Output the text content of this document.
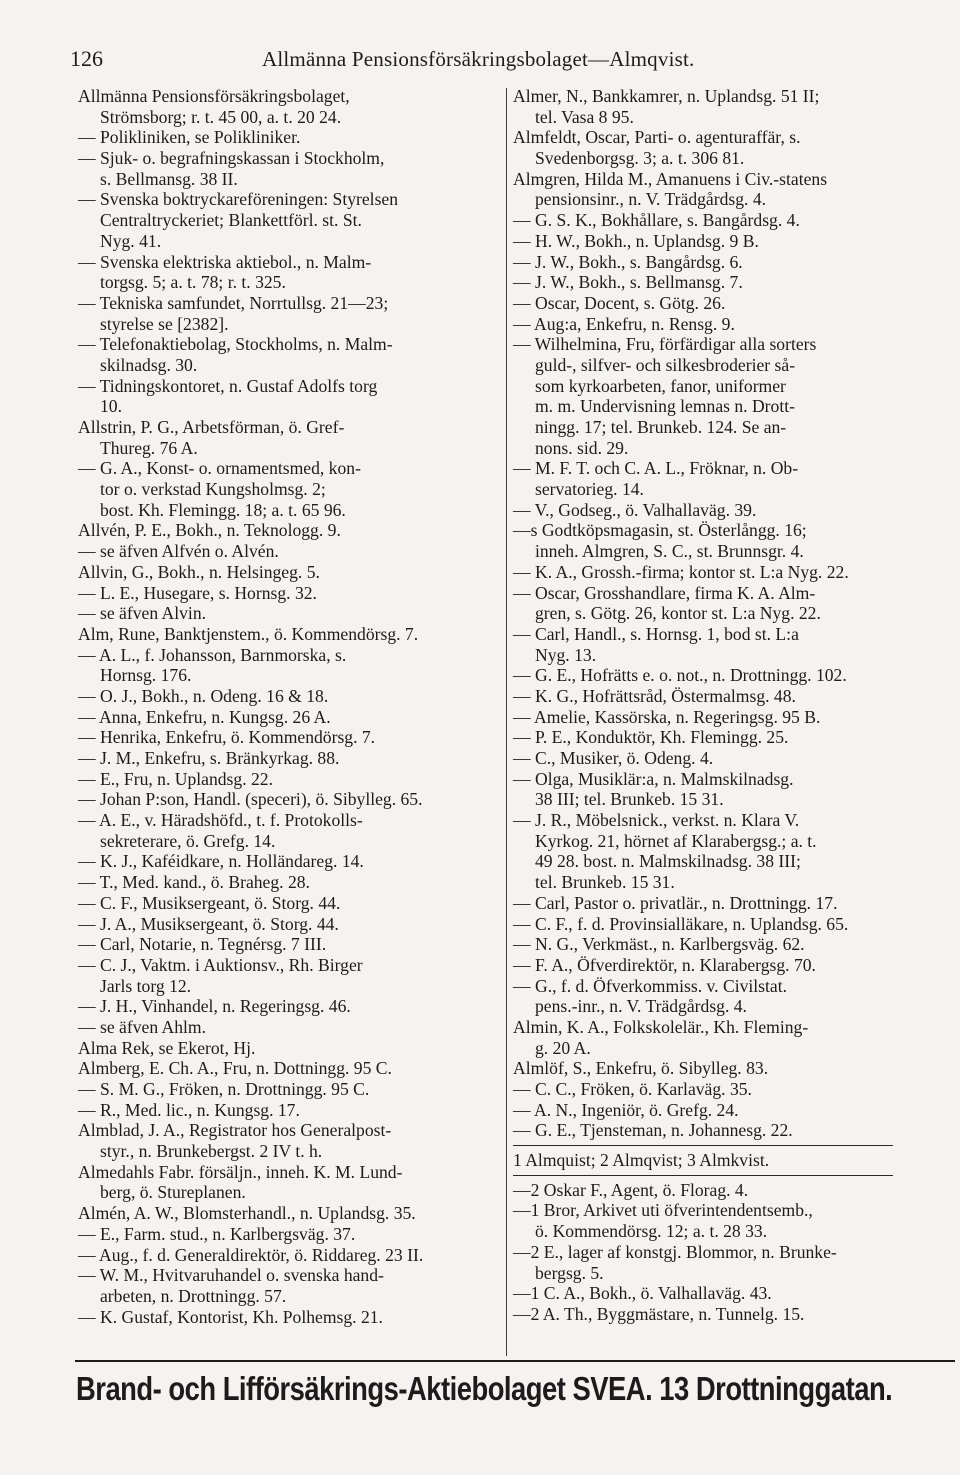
126	Allmänna Pensionsförsäkringsbolaget—Almqvist.
Allmänna Pensionsförsäkringsbolaget,
Strömsborg; r. t. 45 00, a. t. 20 24.
— Polikliniken, se Polikliniker.
— Sjuk- o. begrafningskassan i Stockholm,
s. Bellmansg. 38 II.
— Svenska boktryckareföreningen: Styrelsen
Centraltryckeriet; Blankettförl. st. St.
Nyg. 41.
— Svenska elektriska aktiebol., n. Malm-
torgsg. 5; a. t. 78; r. t. 325.
— Tekniska samfundet, Norrtullsg. 21—23;
styrelse se [2382].
— Telefonaktiebolag, Stockholms, n. Malm-
skilnadsg. 30.
— Tidningskontoret, n. Gustaf Adolfs torg
10.
Allstrin, P. G., Arbetsförman, ö. Gref-
Thureg. 76 A.
— G. A., Konst- o. ornamentsmed, kon-
tor o. verkstad Kungsholmsg. 2;
bost. Kh. Flemingg. 18; a. t. 65 96.
Allvén, P. E., Bokh., n. Teknologg. 9.
— se äfven Alfvén o. Alvén.
Allvin, G., Bokh., n. Helsingeg. 5.
— L. E., Husegare, s. Hornsg. 32.
— se äfven Alvin.
Alm, Rune, Banktjenstem., ö. Kommendörsg. 7.
— A. L., f. Johansson, Barnmorska, s.
Hornsg. 176.
— O. J., Bokh., n. Odeng. 16 & 18.
— Anna, Enkefru, n. Kungsg. 26 A.
— Henrika, Enkefru, ö. Kommendörsg. 7.
— J. M., Enkefru, s. Bränkyrkag. 88.
— E., Fru, n. Uplandsg. 22.
— Johan P:son, Handl. (speceri), ö. Sibylleg. 65.
— A. E., v. Häradshöfd., t. f. Protokolls-
sekreterare, ö. Grefg. 14.
— K. J., Kaféidkare, n. Holländareg. 14.
— T., Med. kand., ö. Braheg. 28.
— C. F., Musiksergeant, ö. Storg. 44.
— J. A., Musiksergeant, ö. Storg. 44.
— Carl, Notarie, n. Tegnérsg. 7 III.
— C. J., Vaktm. i Auktionsv., Rh. Birger
Jarls torg 12.
— J. H., Vinhandel, n. Regeringsg. 46.
— se äfven Ahlm.
Alma Rek, se Ekerot, Hj.
Almberg, E. Ch. A., Fru, n. Dottningg. 95 C.
— S. M. G., Fröken, n. Drottningg. 95 C.
— R., Med. lic., n. Kungsg. 17.
Almblad, J. A., Registrator hos Generalpost-
styr., n. Brunkebergst. 2 IV t. h.
Almedahls Fabr. försäljn., inneh. K. M. Lund-
berg, ö. Stureplanen.
Almén, A. W., Blomsterhandl., n. Uplandsg. 35.
— E., Farm. stud., n. Karlbergsväg. 37.
— Aug., f. d. Generaldirektör, ö. Riddareg. 23 II.
— W. M., Hvitvaruhandel o. svenska hand-
arbeten, n. Drottningg. 57.
— K. Gustaf, Kontorist, Kh. Polhemsg. 21.
Almer, N., Bankkamrer, n. Uplandsg. 51 II;
tel. Vasa 8 95.
Almfeldt, Oscar, Parti- o. agenturaffär, s.
Svedenborgsg. 3; a. t. 306 81.
Almgren, Hilda M., Amanuens i Civ.-statens
pensionsinr., n. V. Trädgårdsg. 4.
— G. S. K., Bokhållare, s. Bangårdsg. 4.
— H. W., Bokh., n. Uplandsg. 9 B.
— J. W., Bokh., s. Bangårdsg. 6.
— J. W., Bokh., s. Bellmansg. 7.
— Oscar, Docent, s. Götg. 26.
— Aug:a, Enkefru, n. Rensg. 9.
— Wilhelmina, Fru, förfärdigar alla sorters
guld-, silfver- och silkesbroderier så-
som kyrkoarbeten, fanor, uniformer
m. m. Undervisning lemnas n. Drott-
ningg. 17; tel. Brunkeb. 124. Se an-
nons. sid. 29.
— M. F. T. och C. A. L., Fröknar, n. Ob-
servatorieg. 14.
— V., Godseg., ö. Valhallaväg. 39.
—s Godtköpsmagasin, st. Österlångg. 16;
inneh. Almgren, S. C., st. Brunnsgr. 4.
— K. A., Grossh.-firma; kontor st. L:a Nyg. 22.
— Oscar, Grosshandlare, firma K. A. Alm-
gren, s. Götg. 26, kontor st. L:a Nyg. 22.
— Carl, Handl., s. Hornsg. 1, bod st. L:a
Nyg. 13.
— G. E., Hofrätts e. o. not., n. Drottningg. 102.
— K. G., Hofrättsråd, Östermalmsg. 48.
— Amelie, Kassörska, n. Regeringsg. 95 B.
— P. E., Konduktör, Kh. Flemingg. 25.
— C., Musiker, ö. Odeng. 4.
— Olga, Musiklär:a, n. Malmskilnadsg.
38 III; tel. Brunkeb. 15 31.
— J. R., Möbelsnick., verkst. n. Klara V.
Kyrkog. 21, hörnet af Klarabergsg.; a. t.
49 28. bost. n. Malmskilnadsg. 38 III;
tel. Brunkeb. 15 31.
— Carl, Pastor o. privatlär., n. Drottningg. 17.
— C. F., f. d. Provinsialläkare, n. Uplandsg. 65.
— N. G., Verkmäst., n. Karlbergsväg. 62.
— F. A., Öfverdirektör, n. Klarabergsg. 70.
— G., f. d. Öfverkommiss. v. Civilstat.
pens.-inr., n. V. Trädgårdsg. 4.
Almin, K. A., Folkskolelär., Kh. Fleming-
g. 20 A.
Almlöf, S., Enkefru, ö. Sibylleg. 83.
— C. C., Fröken, ö. Karlaväg. 35.
— A. N., Ingeniör, ö. Grefg. 24.
— G. E., Tjensteman, n. Johannesg. 22.
1 Almquist; 2 Almqvist; 3 Almkvist.
—2 Oskar F., Agent, ö. Florag. 4.
—1 Bror, Arkivet uti öfverintendentsemb.,
ö. Kommendörsg. 12; a. t. 28 33.
—2 E., lager af konstgj. Blommor, n. Brunke-
bergsg. 5.
—1 C. A., Bokh., ö. Valhallaväg. 43.
—2 A. Th., Byggmästare, n. Tunnelg. 15.
Brand- och Lifförsäkrings-Aktiebolaget SVEA. 13 Drottninggatan.
